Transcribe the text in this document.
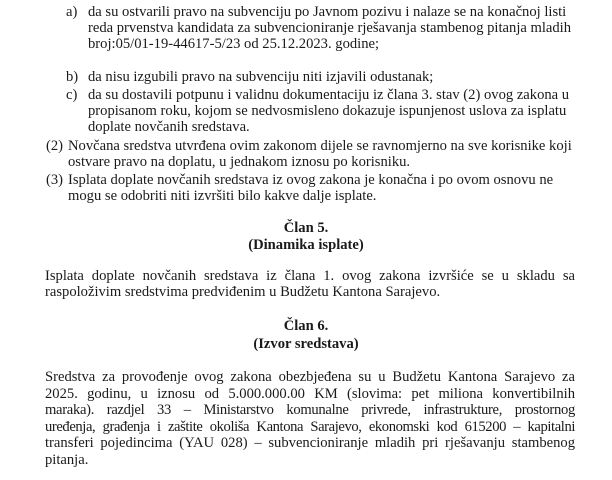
a) da su ostvarili pravo na subvenciju po Javnom pozivu i nalaze se na konačnoj listi
reda prvenstva kandidata za subvencioniranje rješavanja stambenog pitanja mladih
broj:05/01-19-44617-5/23 od 25.12.2023. godine;
b) da nisu izgubili pravo na subvenciju niti izjavili odustanak;
c) da su dostavili potpunu i validnu dokumentaciju iz člana 3. stav (2) ovog zakona u
propisanom roku, kojom se nedvosmisleno dokazuje ispunjenost uslova za isplatu
doplate novčanih sredstava.
(2) Novčana sredstva utvrđena ovim zakonom dijele se ravnomjerno na sve korisnike koji
ostvare pravo na doplatu, u jednakom iznosu po korisniku.
(3) Isplata doplate novčanih sredstava iz ovog zakona je konačna i po ovom osnovu ne
mogu se odobriti niti izvršiti bilo kakve dalje isplate.
Član 5.
(Dinamika isplate)
Isplata doplate novčanih sredstava iz člana 1. ovog zakona izvršiće se u skladu sa
raspoloživim sredstvima predviđenim u Budžetu Kantona Sarajevo.
Član 6.
(Izvor sredstava)
Sredstva za provođenje ovog zakona obezbjeđena su u Budžetu Kantona Sarajevo za
2025. godinu, u iznosu od 5.000.000.00 KM (slovima: pet miliona konvertibilnih
maraka). razdjel 33 – Ministarstvo komunalne privrede, infrastrukture, prostornog
uređenja, građenja i zaštite okoliša Kantona Sarajevo, ekonomski kod 615200 – kapitalni
transferi pojedincima (YAU 028) – subvencioniranje mladih pri rješavanju stambenog
pitanja.
